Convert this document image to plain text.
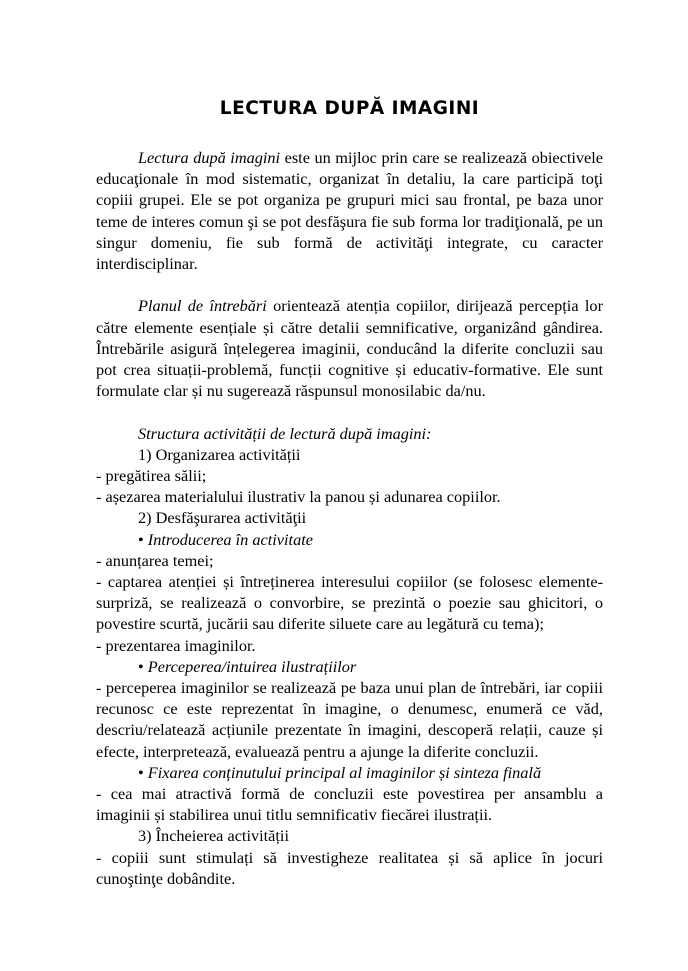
LECTURA DUPĂ IMAGINI

Lectura după imagini este un mijloc prin care se realizează obiectivele educaţionale în mod sistematic, organizat în detaliu, la care participă toţi copiii grupei. Ele se pot organiza pe grupuri mici sau frontal, pe baza unor teme de interes comun şi se pot desfăşura fie sub forma lor tradiţională, pe un singur domeniu, fie sub formă de activităţi integrate, cu caracter interdisciplinar.

Planul de întrebări orientează atenția copiilor, dirijează percepția lor către elemente esențiale și către detalii semnificative, organizând gândirea. Întrebările asigură înțelegerea imaginii, conducând la diferite concluzii sau pot crea situații-problemă, funcții cognitive și educativ-formative. Ele sunt formulate clar și nu sugerează răspunsul monosilabic da/nu.

Structura activității de lectură după imagini:

1) Organizarea activității

- pregătirea sălii;

- așezarea materialului ilustrativ la panou și adunarea copiilor.

2) Desfăşurarea activităţii

• Introducerea în activitate

- anunțarea temei;

- captarea atenției și întreținerea interesului copiilor (se folosesc elemente-surpriză, se realizează o convorbire, se prezintă o poezie sau ghicitori, o povestire scurtă, jucării sau diferite siluete care au legătură cu tema);

- prezentarea imaginilor.

• Perceperea/intuirea ilustrațiilor

- perceperea imaginilor se realizează pe baza unui plan de întrebări, iar copiii recunosc ce este reprezentat în imagine, o denumesc, enumeră ce văd, descriu/relatează acțiunile prezentate în imagini, descoperă relații, cauze și efecte, interpretează, evaluează pentru a ajunge la diferite concluzii.

• Fixarea conținutului principal al imaginilor și sinteza finală

- cea mai atractivă formă de concluzii este povestirea per ansamblu a imaginii și stabilirea unui titlu semnificativ fiecărei ilustrații.

3) Încheierea activității

- copiii sunt stimulați să investigheze realitatea și să aplice în jocuri cunoştinţe dobândite.
